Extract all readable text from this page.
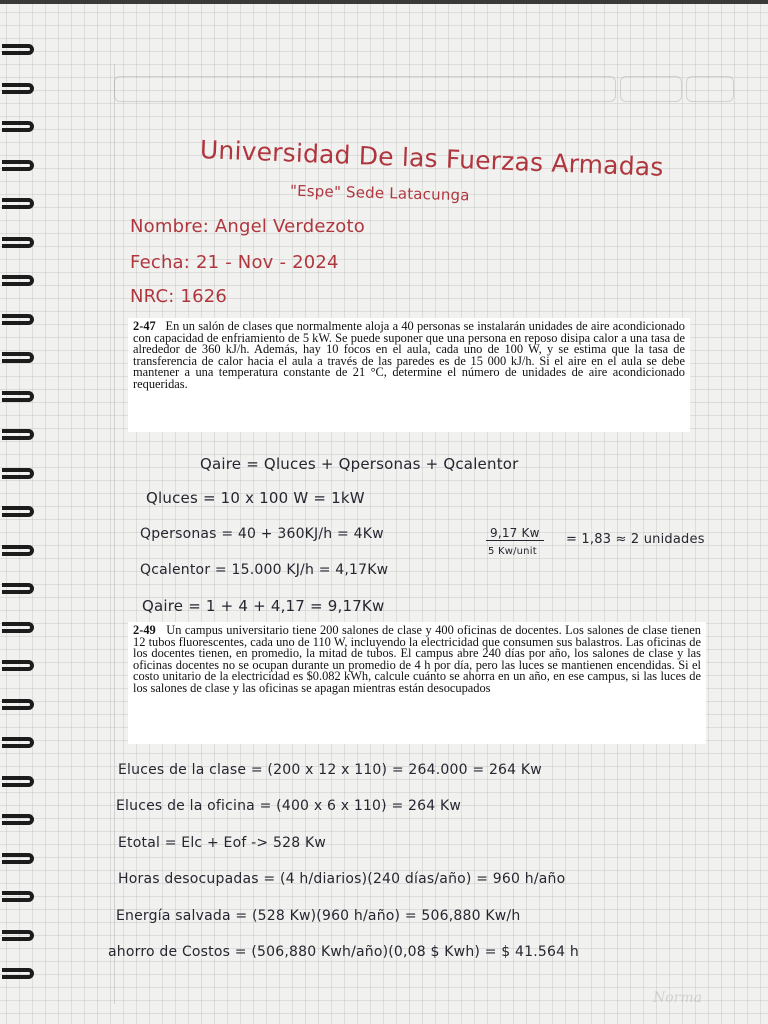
Universidad De las Fuerzas Armadas
"Espe" Sede Latacunga
Nombre: Angel Verdezoto
Fecha: 21 - Nov - 2024
NRC: 1626
2-47 En un salón de clases que normalmente aloja a 40 personas se instalarán unidades de aire acondicionado con capacidad de enfriamiento de 5 kW. Se puede suponer que una persona en reposo disipa calor a una tasa de alrededor de 360 kJ/h. Además, hay 10 focos en el aula, cada uno de 100 W, y se estima que la tasa de transferencia de calor hacia el aula a través de las paredes es de 15 000 kJ/h. Si el aire en el aula se debe mantener a una temperatura constante de 21 °C, determine el número de unidades de aire acondicionado requeridas.
Qaire = Qluces + Qpersonas + Qcalentor
Qluces = 10 x 100 W = 1kW
Qpersonas = 40 + 360KJ/h = 4Kw
Qcalentor = 15.000 KJ/h = 4,17Kw
Qaire = 1 + 4 + 4,17 = 9,17Kw
9,17 Kw
5 Kw/unit
= 1,83 ≈ 2 unidades
2-49 Un campus universitario tiene 200 salones de clase y 400 oficinas de docentes. Los salones de clase tienen 12 tubos fluorescentes, cada uno de 110 W, incluyendo la electricidad que consumen sus balastros. Las oficinas de los docentes tienen, en promedio, la mitad de tubos. El campus abre 240 días por año, los salones de clase y las oficinas docentes no se ocupan durante un promedio de 4 h por día, pero las luces se mantienen encendidas. Si el costo unitario de la electricidad es $0.082 kWh, calcule cuánto se ahorra en un año, en ese campus, si las luces de los salones de clase y las oficinas se apagan mientras están desocupados
Eluces de la clase = (200 x 12 x 110) = 264.000 = 264 Kw
Eluces de la oficina = (400 x 6 x 110) = 264 Kw
Etotal = Elc + Eof -> 528 Kw
Horas desocupadas = (4 h/diarios)(240 días/año) = 960 h/año
Energía salvada = (528 Kw)(960 h/año) = 506,880 Kw/h
ahorro de Costos = (506,880 Kwh/año)(0,08 $ Kwh) = $ 41.564 h
Norma
